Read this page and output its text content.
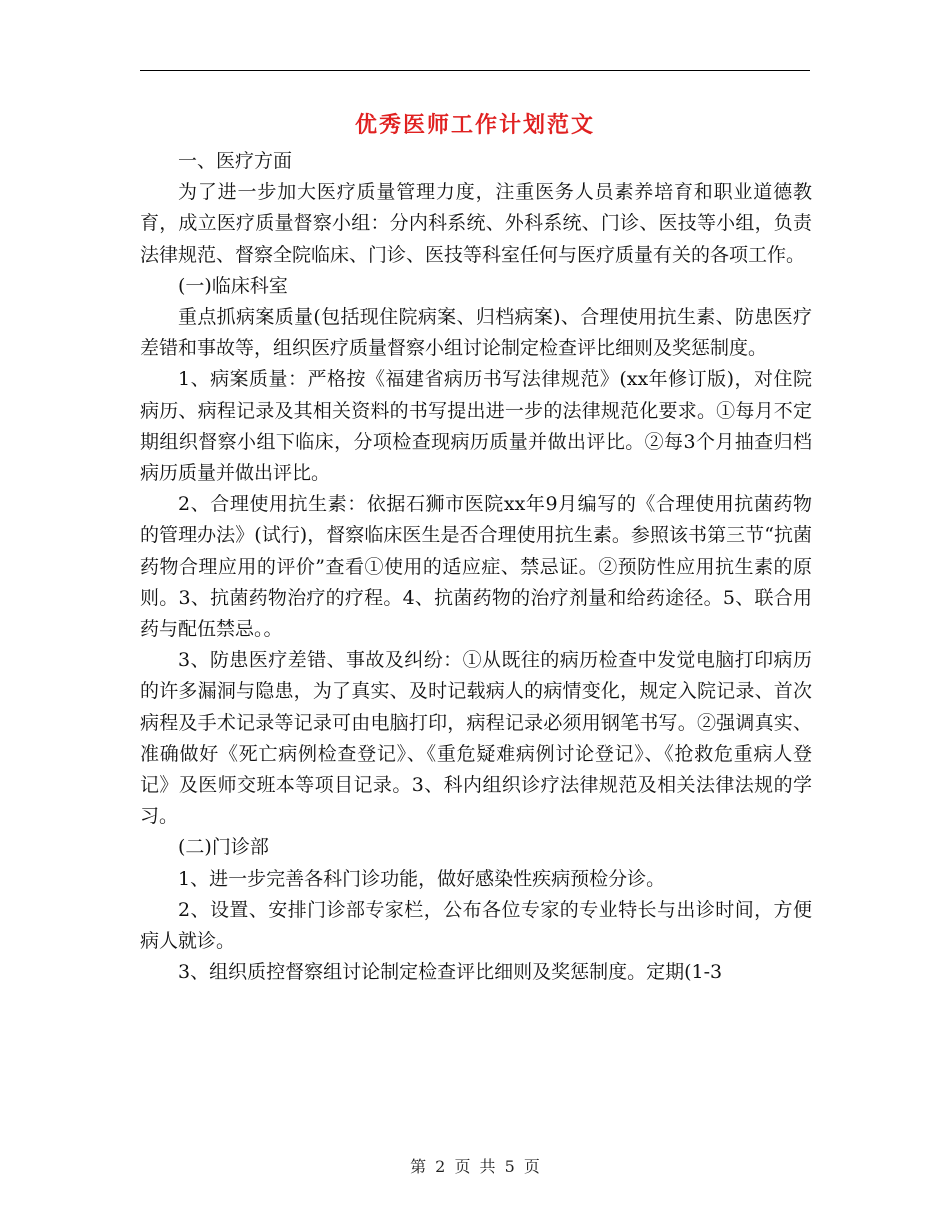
优秀医师工作计划范文

一、医疗方面

为了进一步加大医疗质量管理力度，注重医务人员素养培育和职业道德教育，成立医疗质量督察小组：分内科系统、外科系统、门诊、医技等小组，负责法律规范、督察全院临床、门诊、医技等科室任何与医疗质量有关的各项工作。

(一)临床科室

重点抓病案质量(包括现住院病案、归档病案)、合理使用抗生素、防患医疗差错和事故等，组织医疗质量督察小组讨论制定检查评比细则及奖惩制度。

1、病案质量：严格按《福建省病历书写法律规范》(xx年修订版)，对住院病历、病程记录及其相关资料的书写提出进一步的法律规范化要求。①每月不定期组织督察小组下临床，分项检查现病历质量并做出评比。②每3个月抽查归档病历质量并做出评比。

2、合理使用抗生素：依据石狮市医院xx年9月编写的《合理使用抗菌药物的管理办法》(试行)，督察临床医生是否合理使用抗生素。参照该书第三节“抗菌药物合理应用的评价”查看①使用的适应症、禁忌证。②预防性应用抗生素的原则。3、抗菌药物治疗的疗程。4、抗菌药物的治疗剂量和给药途径。5、联合用药与配伍禁忌。。

3、防患医疗差错、事故及纠纷：①从既往的病历检查中发觉电脑打印病历的许多漏洞与隐患，为了真实、及时记载病人的病情变化，规定入院记录、首次病程及手术记录等记录可由电脑打印，病程记录必须用钢笔书写。②强调真实、准确做好《死亡病例检查登记》、《重危疑难病例讨论登记》、《抢救危重病人登记》及医师交班本等项目记录。3、科内组织诊疗法律规范及相关法律法规的学习。

(二)门诊部

1、进一步完善各科门诊功能，做好感染性疾病预检分诊。

2、设置、安排门诊部专家栏，公布各位专家的专业特长与出诊时间，方便病人就诊。

3、组织质控督察组讨论制定检查评比细则及奖惩制度。定期(1-3

第 2 页 共 5 页
